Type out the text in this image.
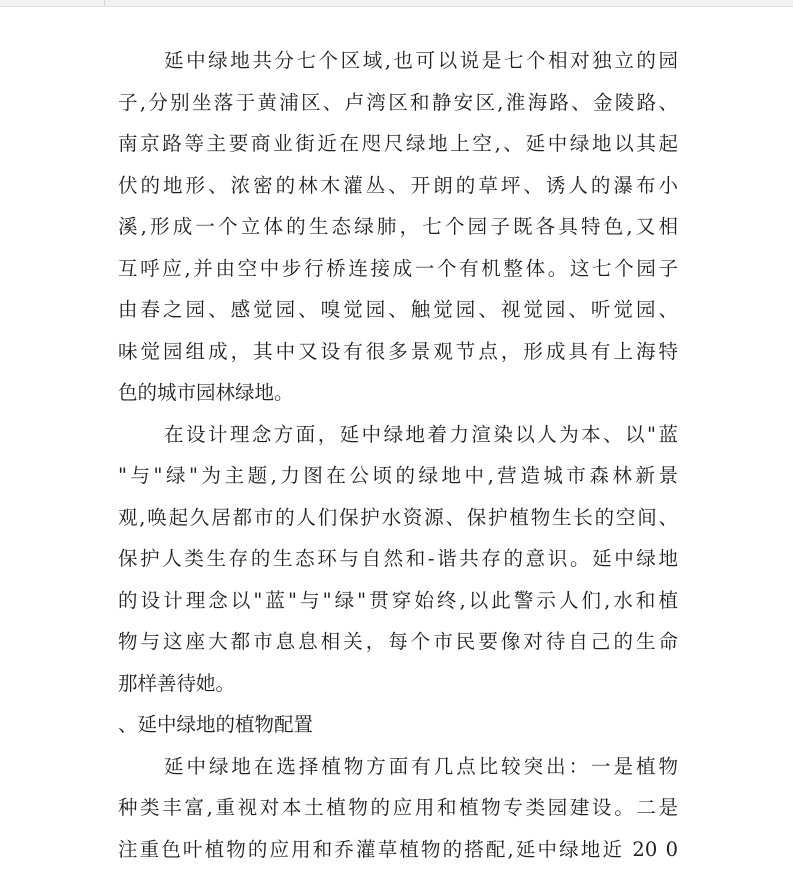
延中绿地共分七个区域,也可以说是七个相对独立的园
子,分别坐落于黄浦区、卢湾区和静安区,淮海路、金陵路、
南京路等主要商业街近在咫尺绿地上空,、延中绿地以其起
伏的地形、浓密的林木灌丛、开朗的草坪、诱人的瀑布小
溪,形成一个立体的生态绿肺，七个园子既各具特色,又相
互呼应,并由空中步行桥连接成一个有机整体。这七个园子
由春之园、感觉园、嗅觉园、触觉园、视觉园、听觉园、
味觉园组成，其中又设有很多景观节点，形成具有上海特
色的城市园林绿地。
在设计理念方面，延中绿地着力渲染以人为本、以"蓝
"与"绿"为主题,力图在公顷的绿地中,营造城市森林新景
观,唤起久居都市的人们保护水资源、保护植物生长的空间、
保护人类生存的生态环与自然和-谐共存的意识。延中绿地
的设计理念以"蓝"与"绿"贯穿始终,以此警示人们,水和植
物与这座大都市息息相关，每个市民要像对待自己的生命
那样善待她。
、延中绿地的植物配置
延中绿地在选择植物方面有几点比较突出：一是植物
种类丰富,重视对本土植物的应用和植物专类园建设。二是
注重色叶植物的应用和乔灌草植物的搭配,延中绿地近 20 0
